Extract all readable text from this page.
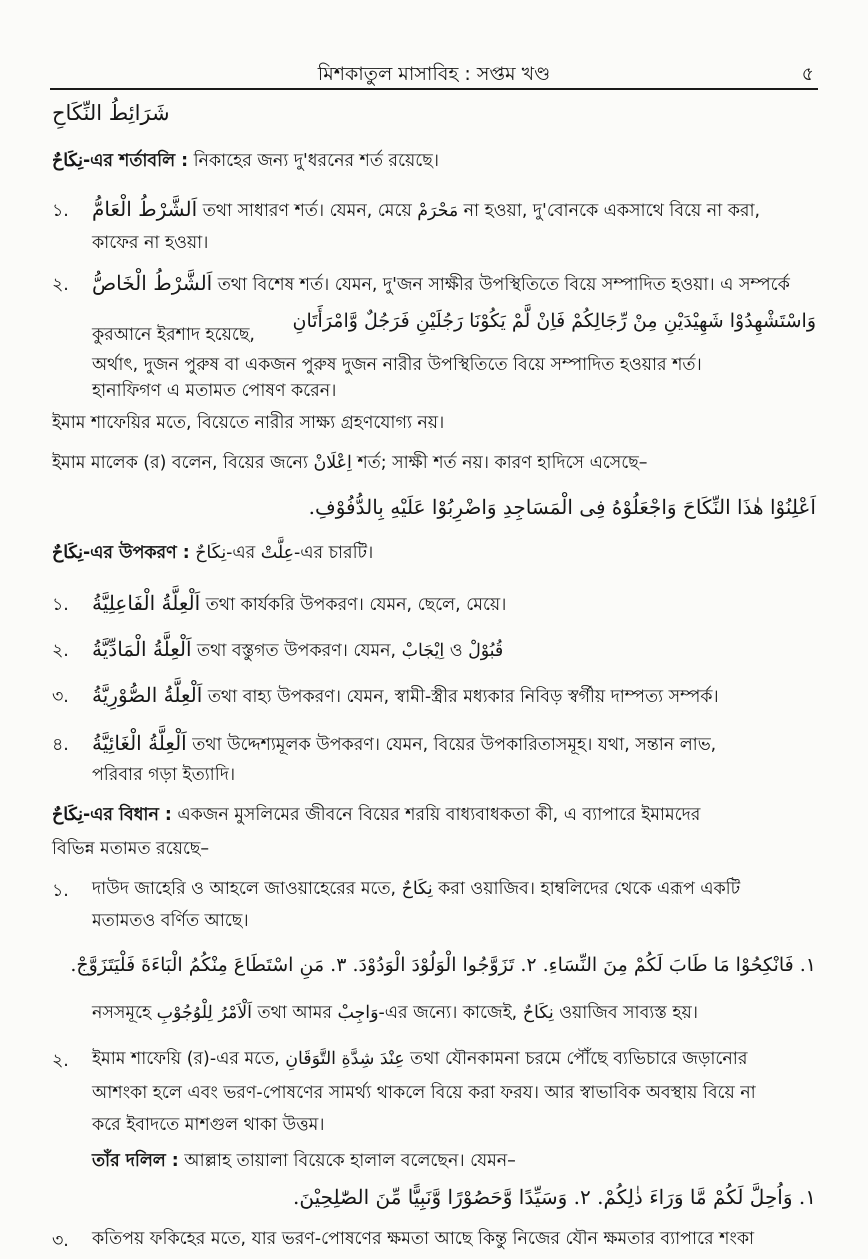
মিশকাতুল মাসাবিহ : সপ্তম খণ্ড	৫
شَرَائِطُ النِّكَاحِ
نِكَاحٌ-এর শর্তাবলি : নিকাহের জন্য দু'ধরনের শর্ত রয়েছে।
১. اَلشَّرْطُ الْعَامُّ তথা সাধারণ শর্ত। যেমন, মেয়ে مَحْرَمْ না হওয়া, দু'বোনকে একসাথে বিয়ে না করা,
কাফের না হওয়া।
২. اَلشَّرْطُ الْخَاصُّ তথা বিশেষ শর্ত। যেমন, দু'জন সাক্ষীর উপস্থিতিতে বিয়ে সম্পাদিত হওয়া। এ সম্পর্কে
কুরআনে ইরশাদ হয়েছে,
وَاسْتَشْهِدُوْا شَهِيْدَيْنِ مِنْ رِّجَالِكُمْ فَاِنْ لَّمْ يَكُوْنَا رَجُلَيْنِ فَرَجُلٌ وَّامْرَأَتَانِ
অর্থাৎ, দুজন পুরুষ বা একজন পুরুষ দুজন নারীর উপস্থিতিতে বিয়ে সম্পাদিত হওয়ার শর্ত।
হানাফিগণ এ মতামত পোষণ করেন।
ইমাম শাফেয়ির মতে, বিয়েতে নারীর সাক্ষ্য গ্রহণযোগ্য নয়।
ইমাম মালেক (র) বলেন, বিয়ের জন্যে اِعْلَانْ শর্ত; সাক্ষী শর্ত নয়। কারণ হাদিসে এসেছে–
اَعْلِنُوْا هٰذَا النِّكَاحَ وَاجْعَلُوْهُ فِى الْمَسَاجِدِ وَاضْرِبُوْا عَلَيْهِ بِالدُّفُوْفِ.
نِكَاحٌ-এর উপকরণ : نِكَاحٌ-এর عِلَّتْ-এর চারটি।
১. اَلْعِلَّةُ الْفَاعِلِيَّةُ তথা কার্যকরি উপকরণ। যেমন, ছেলে, মেয়ে।
২. اَلْعِلَّةُ الْمَادِّيَّةُ তথা বস্তুগত উপকরণ। যেমন, اِيْجَابْ ও قُبُوْلْ
৩. اَلْعِلَّةُ الصُّوْرِيَّةُ তথা বাহ্য উপকরণ। যেমন, স্বামী-স্ত্রীর মধ্যকার নিবিড় স্বর্গীয় দাম্পত্য সম্পর্ক।
৪. اَلْعِلَّةُ الْغَائِيَّةُ তথা উদ্দেশ্যমূলক উপকরণ। যেমন, বিয়ের উপকারিতাসমূহ। যথা, সন্তান লাভ,
পরিবার গড়া ইত্যাদি।
نِكَاحٌ-এর বিধান : একজন মুসলিমের জীবনে বিয়ের শরয়ি বাধ্যবাধকতা কী, এ ব্যাপারে ইমামদের
বিভিন্ন মতামত রয়েছে–
১. দাউদ জাহেরি ও আহলে জাওয়াহেরের মতে, نِكَاحٌ করা ওয়াজিব। হাম্বলিদের থেকে এরূপ একটি
মতামতও বর্ণিত আছে।
١. فَانْكِحُوْا مَا طَابَ لَكُمْ مِنَ النِّسَاءِ. ٢. تَزَوَّجُوا الْوَلُوْدَ الْوَدُوْدَ. ٣. مَنِ اسْتَطَاعَ مِنْكُمُ الْبَاءَةَ فَلْيَتَزَوَّجْ.
নসসমূহে اَلْاَمْرُ لِلْوُجُوْبِ তথা আমর وَاجِبْ-এর জন্যে। কাজেই, نِكَاحٌ ওয়াজিব সাব্যস্ত হয়।
২. ইমাম শাফেয়ি (র)-এর মতে, عِنْدَ شِدَّةِ التَّوَقَانِ তথা যৌনকামনা চরমে পৌঁছে ব্যভিচারে জড়ানোর
আশংকা হলে এবং ভরণ-পোষণের সামর্থ্য থাকলে বিয়ে করা ফরয। আর স্বাভাবিক অবস্থায় বিয়ে না
করে ইবাদতে মাশগুল থাকা উত্তম।
তাঁর দলিল : আল্লাহ তায়ালা বিয়েকে হালাল বলেছেন। যেমন–
١. وَاُحِلَّ لَكُمْ مَّا وَرَاءَ ذٰلِكُمْ. ٢. وَسَيِّدًا وَّحَصُوْرًا وَّنَبِيًّا مِّنَ الصّٰلِحِيْنَ.
৩. কতিপয় ফকিহের মতে, যার ভরণ-পোষণের ক্ষমতা আছে কিন্তু নিজের যৌন ক্ষমতার ব্যাপারে শংকা
